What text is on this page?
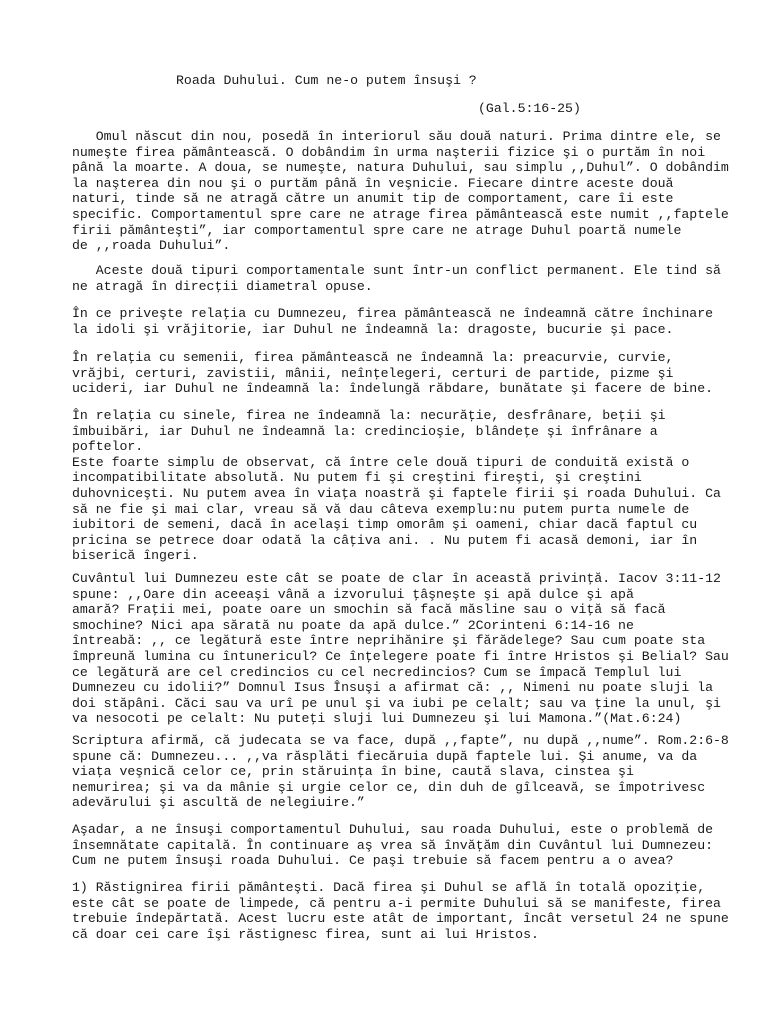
Roada Duhului. Cum ne-o putem însuşi ?
(Gal.5:16-25)
Omul născut din nou, posedă în interiorul său două naturi. Prima dintre ele, se
numeşte firea pământească. O dobândim în urma naşterii fizice şi o purtăm în noi
până la moarte. A doua, se numeşte, natura Duhului, sau simplu ,,Duhul”. O dobândim
la naşterea din nou şi o purtăm până în veşnicie. Fiecare dintre aceste două
naturi, tinde să ne atragă către un anumit tip de comportament, care îi este
specific. Comportamentul spre care ne atrage firea pământească este numit ,,faptele
firii pământeşti”, iar comportamentul spre care ne atrage Duhul poartă numele
de ,,roada Duhului”.
Aceste două tipuri comportamentale sunt într-un conflict permanent. Ele tind să
ne atragă în direcţii diametral opuse.
În ce priveşte relaţia cu Dumnezeu, firea pământească ne îndeamnă către închinare
la idoli şi vrăjitorie, iar Duhul ne îndeamnă la: dragoste, bucurie şi pace.
În relaţia cu semenii, firea pământească ne îndeamnă la: preacurvie, curvie,
vrăjbi, certuri, zavistii, mânii, neînţelegeri, certuri de partide, pizme şi
ucideri, iar Duhul ne îndeamnă la: îndelungă răbdare, bunătate şi facere de bine.
În relaţia cu sinele, firea ne îndeamnă la: necurăţie, desfrânare, beţii şi
îmbuibări, iar Duhul ne îndeamnă la: credincioşie, blândeţe şi înfrânare a
poftelor.
Este foarte simplu de observat, că între cele două tipuri de conduită există o
incompatibilitate absolută. Nu putem fi şi creştini fireşti, şi creştini
duhovniceşti. Nu putem avea în viaţa noastră şi faptele firii şi roada Duhului. Ca
să ne fie şi mai clar, vreau să vă dau câteva exemplu:nu putem purta numele de
iubitori de semeni, dacă în acelaşi timp omorâm şi oameni, chiar dacă faptul cu
pricina se petrece doar odată la câţiva ani. . Nu putem fi acasă demoni, iar în
biserică îngeri.
Cuvântul lui Dumnezeu este cât se poate de clar în această privinţă. Iacov 3:11-12
spune: ,,Oare din aceeaşi vână a izvorului ţâşneşte şi apă dulce şi apă
amară? Fraţii mei, poate oare un smochin să facă măsline sau o viţă să facă
smochine? Nici apa sărată nu poate da apă dulce.” 2Corinteni 6:14-16 ne
întreabă: ,, ce legătură este între neprihănire şi fărădelege? Sau cum poate sta
împreună lumina cu întunericul? Ce înţelegere poate fi între Hristos şi Belial? Sau
ce legătură are cel credincios cu cel necredincios? Cum se împacă Templul lui
Dumnezeu cu idolii?” Domnul Isus Însuşi a afirmat că: ,, Nimeni nu poate sluji la
doi stăpâni. Căci sau va urî pe unul şi va iubi pe celalt; sau va ţine la unul, şi
va nesocoti pe celalt: Nu puteţi sluji lui Dumnezeu şi lui Mamona.”(Mat.6:24)
Scriptura afirmă, că judecata se va face, după ,,fapte”, nu după ,,nume”. Rom.2:6-8
spune că: Dumnezeu... ,,va răsplăti fiecăruia după faptele lui. Şi anume, va da
viaţa veşnică celor ce, prin stăruinţa în bine, caută slava, cinstea şi
nemurirea; şi va da mânie şi urgie celor ce, din duh de gîlceavă, se împotrivesc
adevărului şi ascultă de nelegiuire.”
Aşadar, a ne însuşi comportamentul Duhului, sau roada Duhului, este o problemă de
însemnătate capitală. În continuare aş vrea să învăţăm din Cuvântul lui Dumnezeu:
Cum ne putem însuşi roada Duhului. Ce paşi trebuie să facem pentru a o avea?
1) Răstignirea firii pământeşti. Dacă firea şi Duhul se află în totală opoziţie,
este cât se poate de limpede, că pentru a-i permite Duhului să se manifeste, firea
trebuie îndepărtată. Acest lucru este atât de important, încât versetul 24 ne spune
că doar cei care îşi răstignesc firea, sunt ai lui Hristos.
